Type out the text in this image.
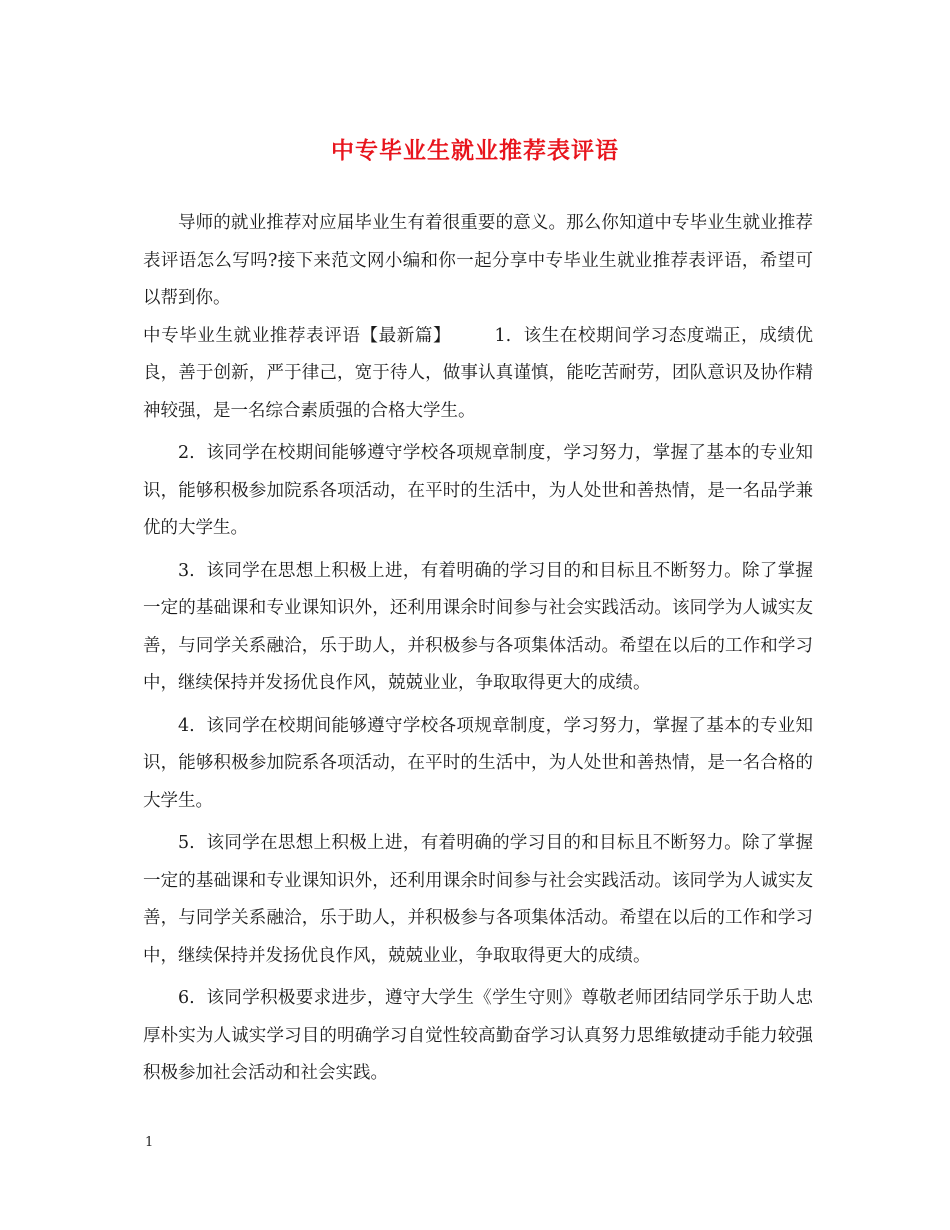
中专毕业生就业推荐表评语

导师的就业推荐对应届毕业生有着很重要的意义。那么你知道中专毕业生就业推荐表评语怎么写吗?接下来范文网小编和你一起分享中专毕业生就业推荐表评语，希望可以帮到你。

中专毕业生就业推荐表评语【最新篇】 1. 该生在校期间学习态度端正，成绩优良，善于创新，严于律己，宽于待人，做事认真谨慎，能吃苦耐劳，团队意识及协作精神较强，是一名综合素质强的合格大学生。

2. 该同学在校期间能够遵守学校各项规章制度，学习努力，掌握了基本的专业知识，能够积极参加院系各项活动，在平时的生活中，为人处世和善热情，是一名品学兼优的大学生。

3. 该同学在思想上积极上进，有着明确的学习目的和目标且不断努力。除了掌握一定的基础课和专业课知识外，还利用课余时间参与社会实践活动。该同学为人诚实友善，与同学关系融洽，乐于助人，并积极参与各项集体活动。希望在以后的工作和学习中，继续保持并发扬优良作风，兢兢业业，争取取得更大的成绩。

4. 该同学在校期间能够遵守学校各项规章制度，学习努力，掌握了基本的专业知识，能够积极参加院系各项活动，在平时的生活中，为人处世和善热情，是一名合格的大学生。

5. 该同学在思想上积极上进，有着明确的学习目的和目标且不断努力。除了掌握一定的基础课和专业课知识外，还利用课余时间参与社会实践活动。该同学为人诚实友善，与同学关系融洽，乐于助人，并积极参与各项集体活动。希望在以后的工作和学习中，继续保持并发扬优良作风，兢兢业业，争取取得更大的成绩。

6. 该同学积极要求进步，遵守大学生《学生守则》尊敬老师团结同学乐于助人忠厚朴实为人诚实学习目的明确学习自觉性较高勤奋学习认真努力思维敏捷动手能力较强积极参加社会活动和社会实践。

1
